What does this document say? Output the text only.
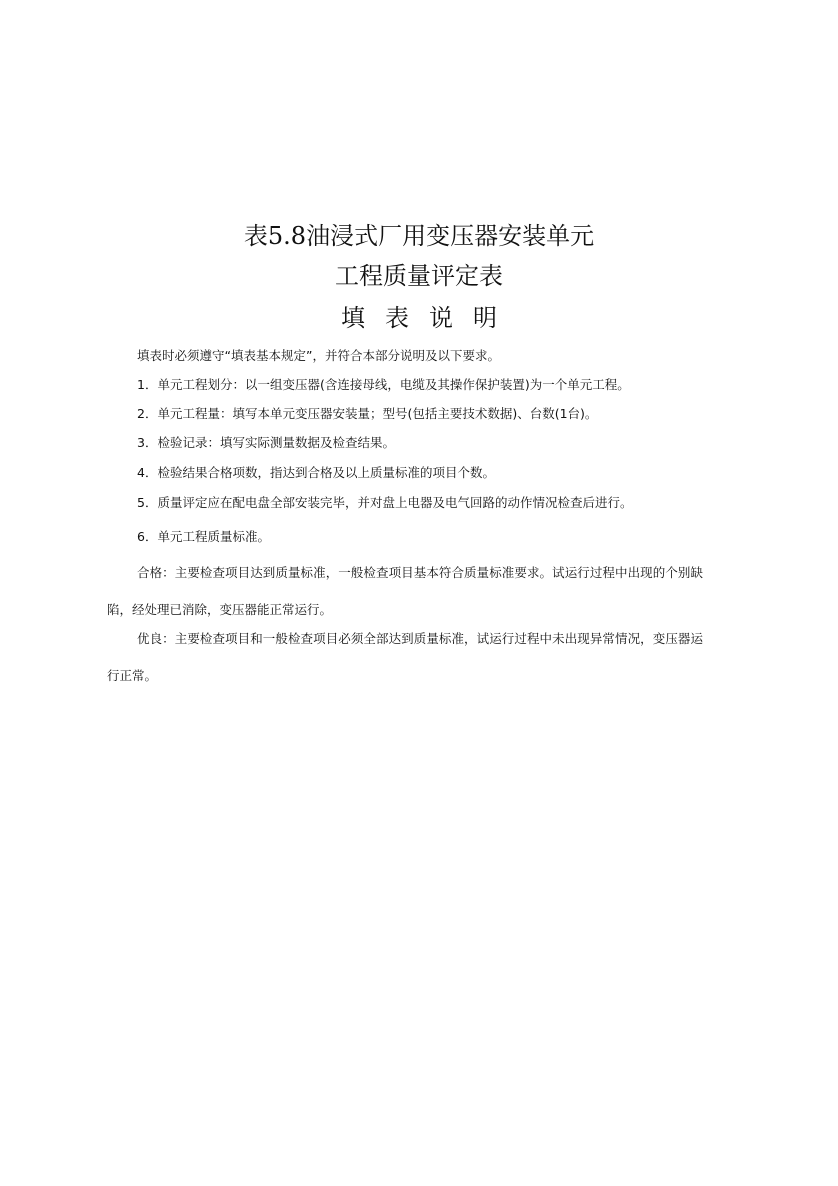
表5.8油浸式厂用变压器安装单元
工程质量评定表
填表说明
填表时必须遵守“填表基本规定”，并符合本部分说明及以下要求。
1．单元工程划分：以一组变压器(含连接母线，电缆及其操作保护装置)为一个单元工程。
2．单元工程量：填写本单元变压器安装量；型号(包括主要技术数据)、台数(1台)。
3．检验记录：填写实际测量数据及检查结果。
4．检验结果合格项数，指达到合格及以上质量标准的项目个数。
5．质量评定应在配电盘全部安装完毕，并对盘上电器及电气回路的动作情况检查后进行。
6．单元工程质量标准。
合格：主要检查项目达到质量标准，一般检查项目基本符合质量标准要求。试运行过程中出现的个别缺陷，经处理已消除，变压器能正常运行。
优良：主要检查项目和一般检查项目必须全部达到质量标准，试运行过程中未出现异常情况，变压器运行正常。
